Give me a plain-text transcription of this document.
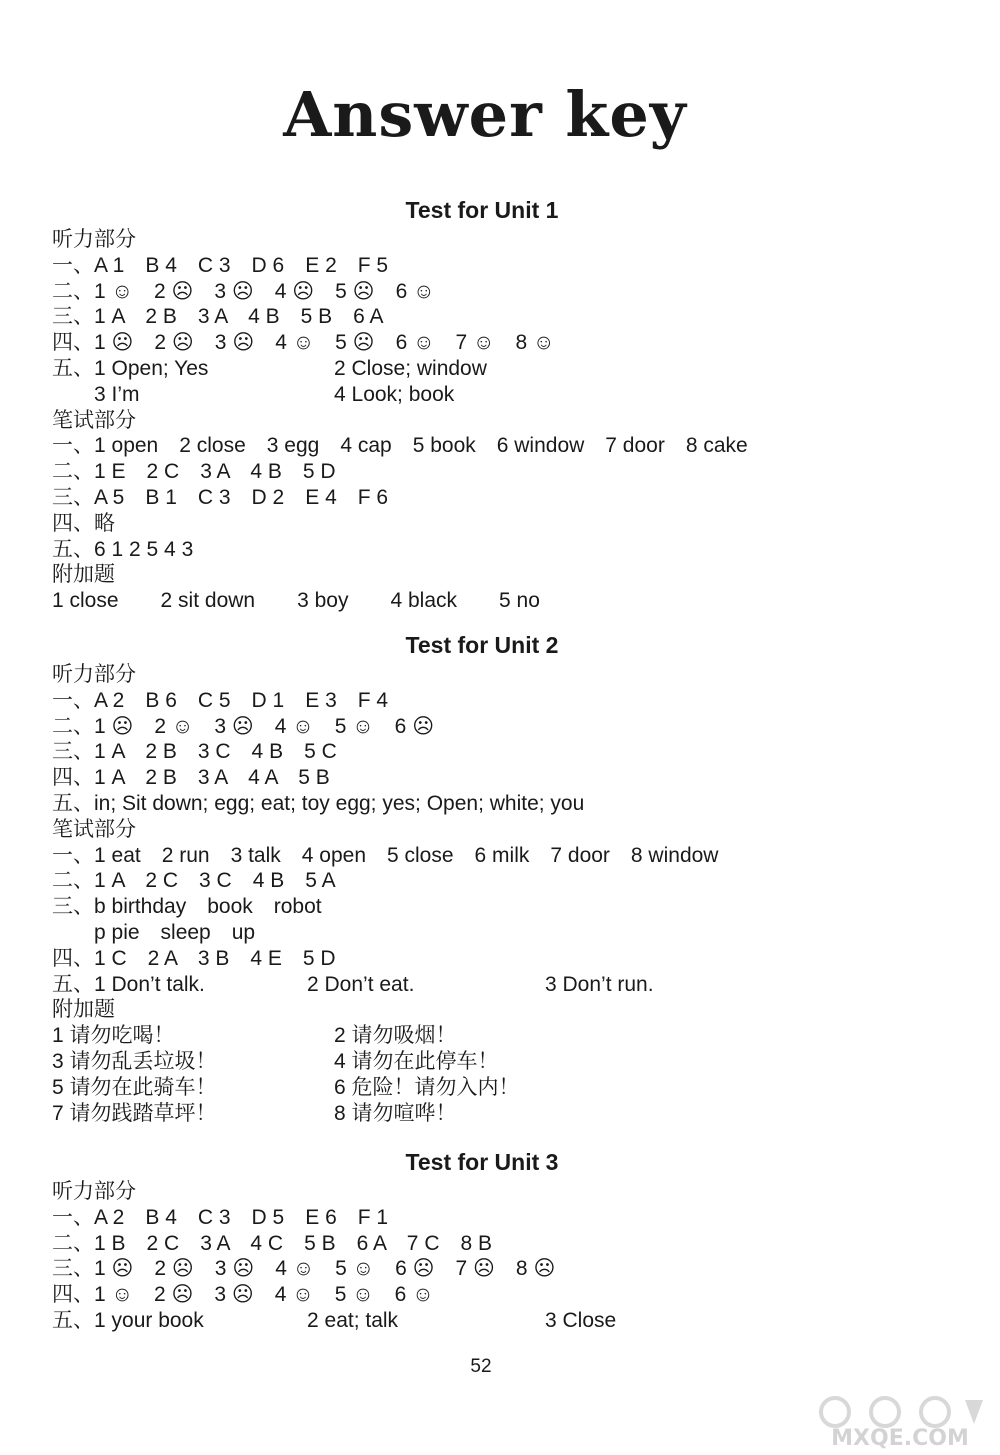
Answer key
Test for Unit 1
听力部分
一、A 1　B 4　C 3　D 6　E 2　F 5
二、1 ☺　2 ☹　3 ☹　4 ☹　5 ☹　6 ☺
三、1 A　2 B　3 A　4 B　5 B　6 A
四、1 ☹　2 ☹　3 ☹　4 ☺　5 ☹　6 ☺　7 ☺　8 ☺
五、1 Open; Yes	2 Close; window
　　3 I’m	4 Look; book
笔试部分
一、1 open　2 close　3 egg　4 cap　5 book　6 window　7 door　8 cake
二、1 E　2 C　3 A　4 B　5 D
三、A 5　B 1　C 3　D 2　E 4　F 6
四、略
五、6 1 2 5 4 3
附加题
1 close　　2 sit down　　3 boy　　4 black　　5 no
Test for Unit 2
听力部分
一、A 2　B 6　C 5　D 1　E 3　F 4
二、1 ☹　2 ☺　3 ☹　4 ☺　5 ☺　6 ☹
三、1 A　2 B　3 C　4 B　5 C
四、1 A　2 B　3 A　4 A　5 B
五、in; Sit down; egg; eat; toy egg; yes; Open; white; you
笔试部分
一、1 eat　2 run　3 talk　4 open　5 close　6 milk　7 door　8 window
二、1 A　2 C　3 C　4 B　5 A
三、b birthday　book　robot
　　p pie　sleep　up
四、1 C　2 A　3 B　4 E　5 D
五、1 Don’t talk.	2 Don’t eat.	3 Don’t run.
附加题
1 请勿吃喝！	2 请勿吸烟！
3 请勿乱丢垃圾！	4 请勿在此停车！
5 请勿在此骑车！	6 危险！请勿入内！
7 请勿践踏草坪！	8 请勿喧哗！
Test for Unit 3
听力部分
一、A 2　B 4　C 3　D 5　E 6　F 1
二、1 B　2 C　3 A　4 C　5 B　6 A　7 C　8 B
三、1 ☹　2 ☹　3 ☹　4 ☺　5 ☺　6 ☹　7 ☹　8 ☹
四、1 ☺　2 ☹　3 ☹　4 ☺　5 ☺　6 ☺
五、1 your book	2 eat; talk	3 Close
52
MXQE.COM
